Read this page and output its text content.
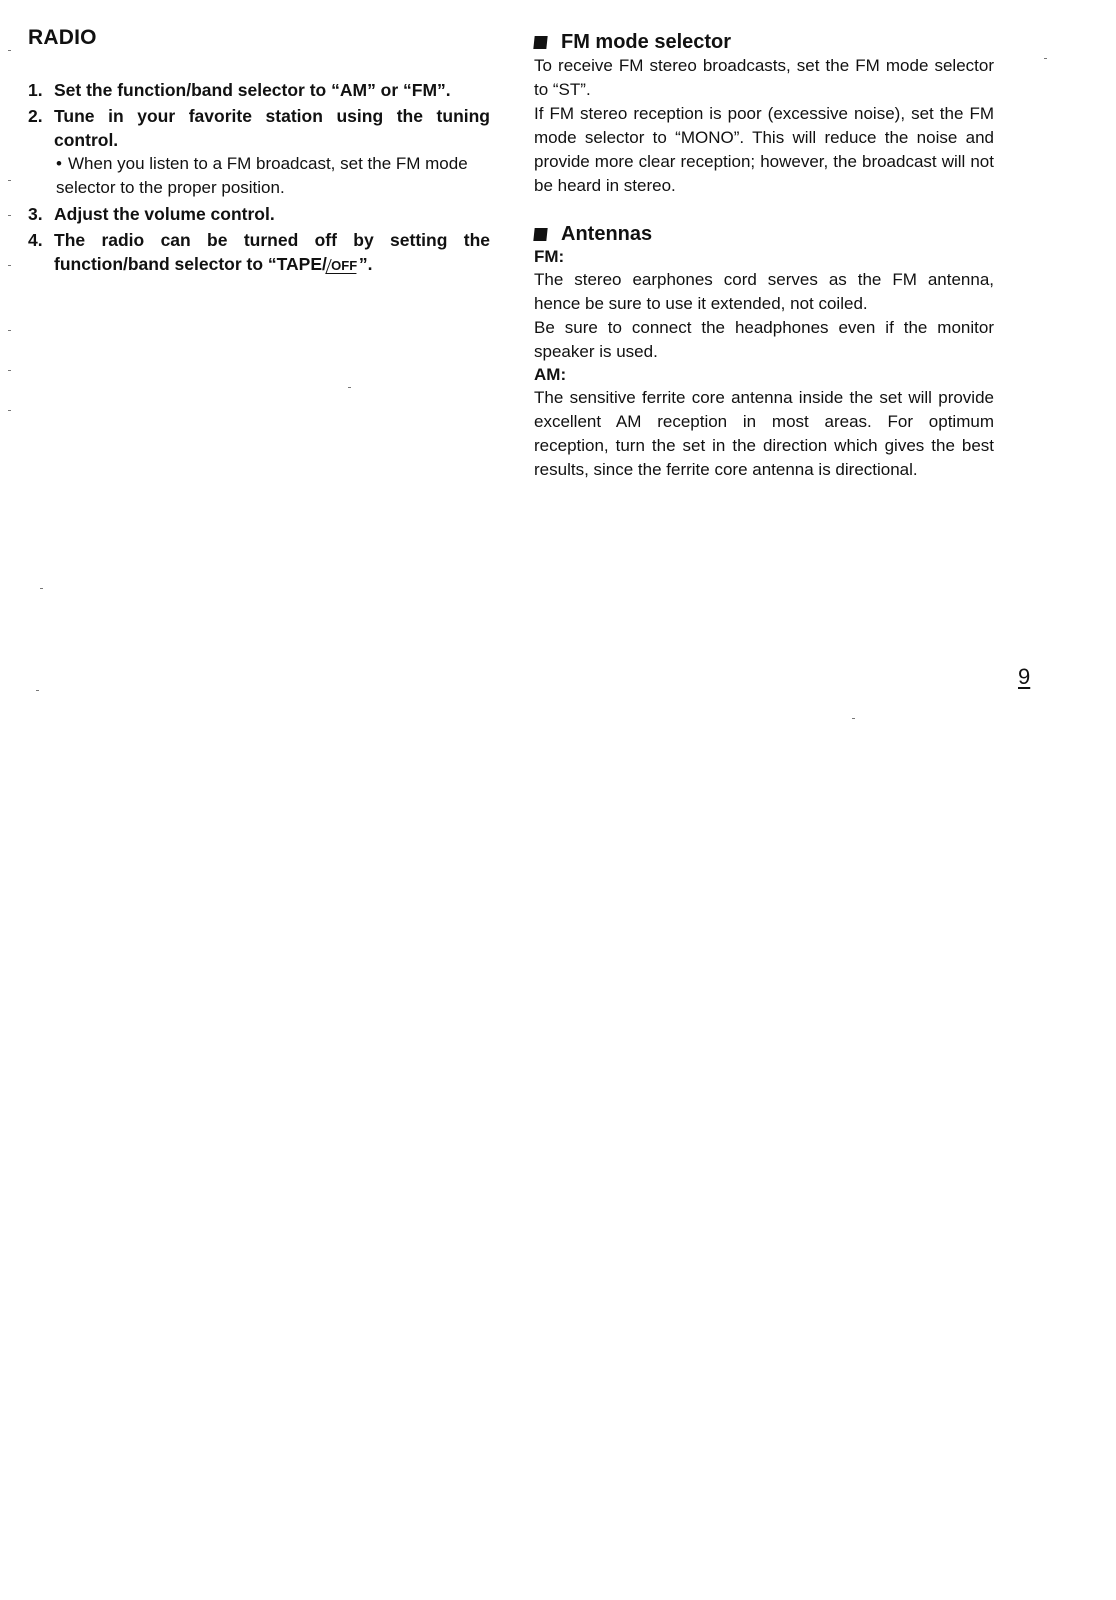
RADIO
1. Set the function/band selector to “AM” or “FM”.
2. Tune in your favorite station using the tuning control.
• When you listen to a FM broadcast, set the FM mode selector to the proper position.
3. Adjust the volume control.
4. The radio can be turned off by setting the function/band selector to “TAPE/ OFF ”.
FM mode selector

To receive FM stereo broadcasts, set the FM mode selector to “ST”.

If FM stereo reception is poor (excessive noise), set the FM mode selector to “MONO”. This will reduce the noise and provide more clear reception; however, the broadcast will not be heard in stereo.

Antennas

FM:

The stereo earphones cord serves as the FM antenna, hence be sure to use it extended, not coiled.

Be sure to connect the headphones even if the monitor speaker is used.

AM:

The sensitive ferrite core antenna inside the set will provide excellent AM reception in most areas. For optimum reception, turn the set in the direction which gives the best results, since the ferrite core antenna is directional.

9
